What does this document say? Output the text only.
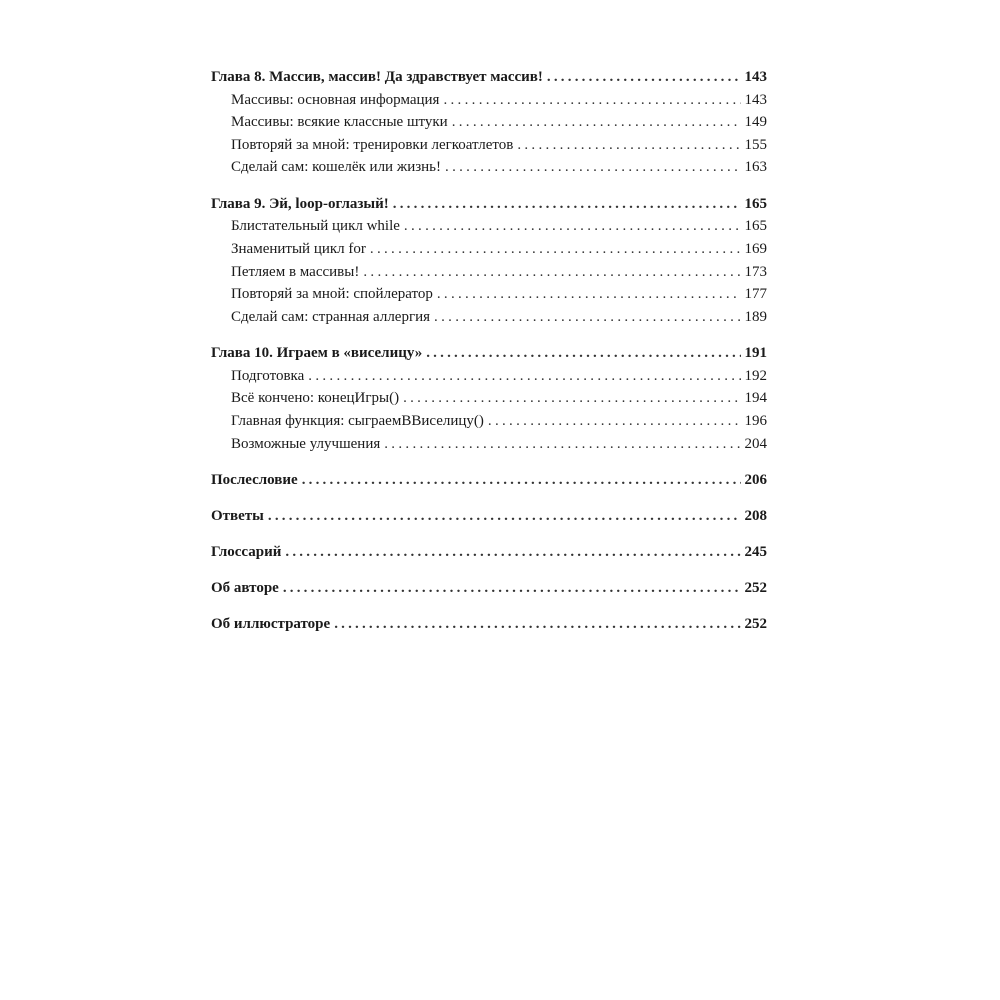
Глава 8. Массив, массив! Да здравствует массив! .....	143
Массивы: основная информация .....	143
Массивы: всякие классные штуки .....	149
Повторяй за мной: тренировки легкоатлетов .....	155
Сделай сам: кошелёк или жизнь! .....	163
Глава 9. Эй, loop-оглазый! .....	165
Блистательный цикл while .....	165
Знаменитый цикл for .....	169
Петляем в массивы! .....	173
Повторяй за мной: спойлератор .....	177
Сделай сам: странная аллергия .....	189
Глава 10. Играем в «виселицу» .....	191
Подготовка .....	192
Всё кончено: конецИгры() .....	194
Главная функция: сыграемВВиселицу() .....	196
Возможные улучшения .....	204
Послесловие .....	206
Ответы .....	208
Глоссарий .....	245
Об авторе .....	252
Об иллюстраторе .....	252
